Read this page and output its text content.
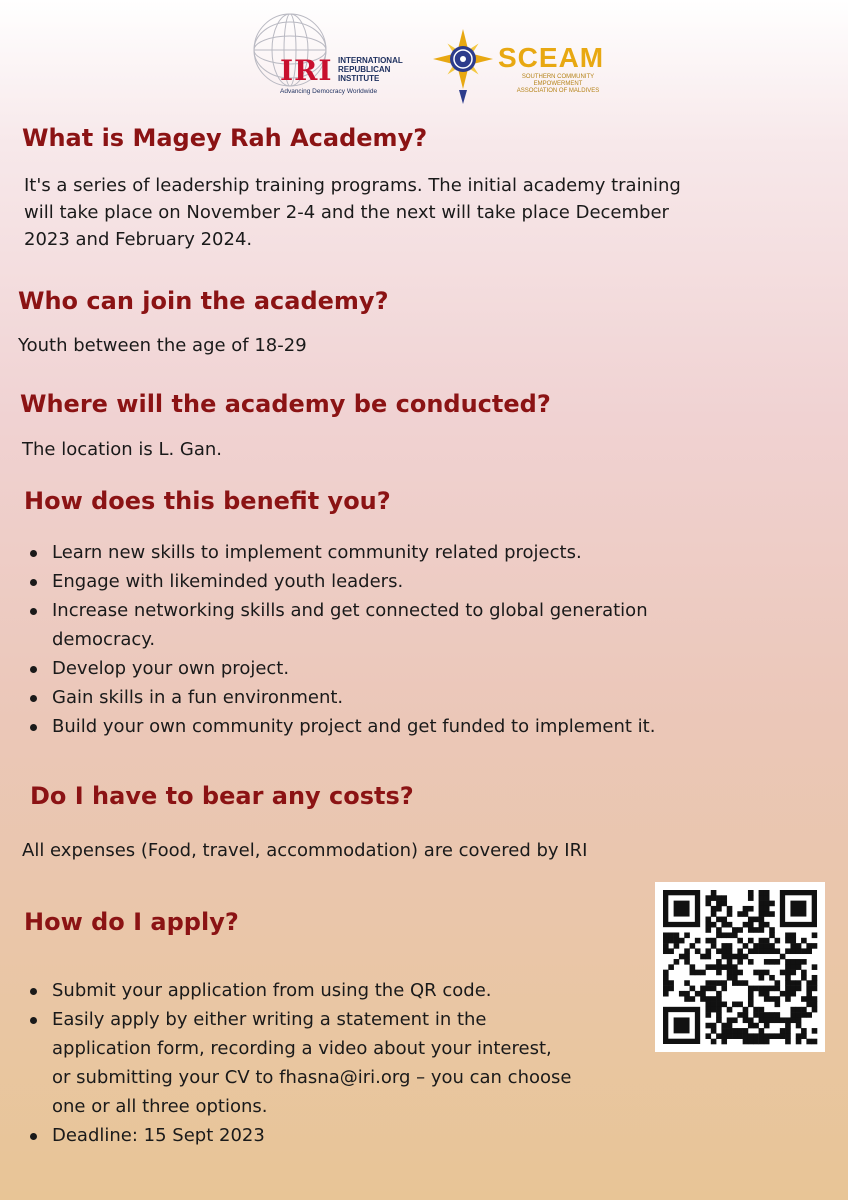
IRI INTERNATIONAL
REPUBLICAN
INSTITUTE
Advancing Democracy Worldwide
SCEAM
SOUTHERN COMMUNITY EMPOWERMENT
ASSOCIATION OF MALDIVES
What is Magey Rah Academy?
It's a series of leadership training programs. The initial academy training
will take place on November 2-4 and the next will take place December
2023 and February 2024.
Who can join the academy?
Youth between the age of 18-29
Where will the academy be conducted?
The location is L. Gan.
How does this benefit you?
Learn new skills to implement community related projects.
Engage with likeminded youth leaders.
Increase networking skills and get connected to global generation
democracy.
Develop your own project.
Gain skills in a fun environment.
Build your own community project and get funded to implement it.
Do I have to bear any costs?
All expenses (Food, travel, accommodation) are covered by IRI
How do I apply?
Submit your application from using the QR code.
Easily apply by either writing a statement in the
application form, recording a video about your interest,
or submitting your CV to fhasna@iri.org – you can choose
one or all three options.
Deadline: 15 Sept 2023
